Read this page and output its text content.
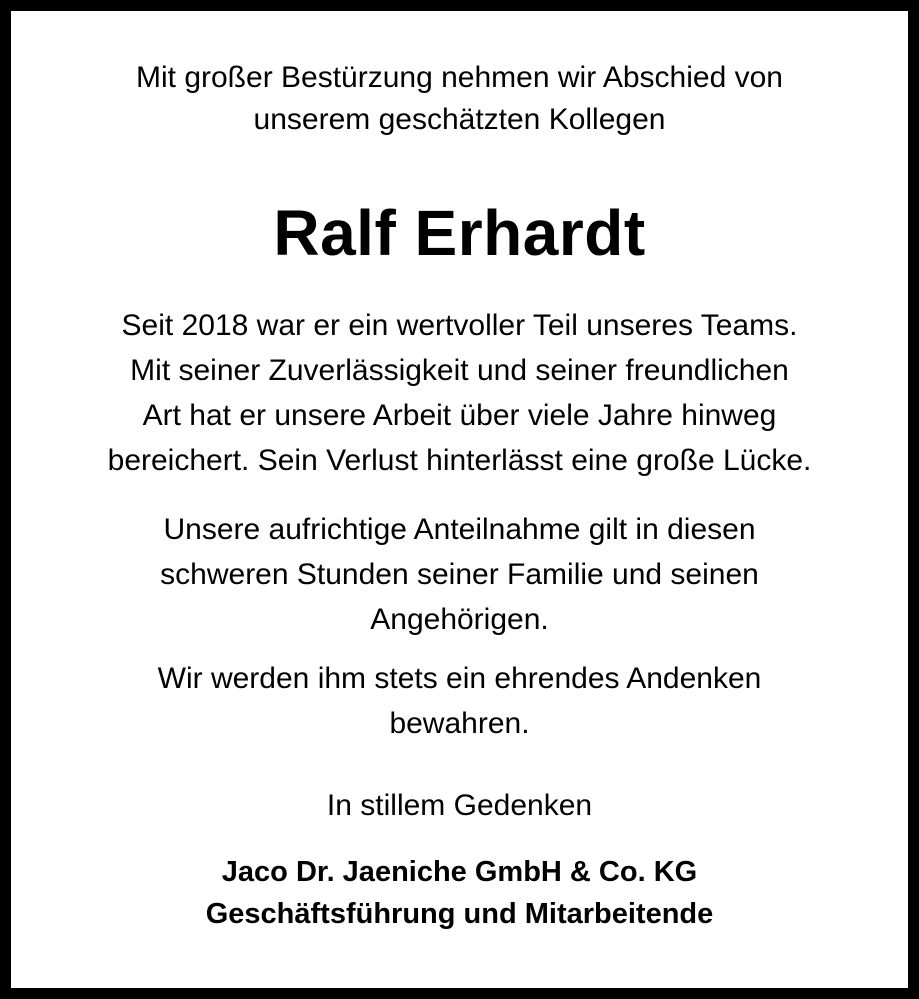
Mit großer Bestürzung nehmen wir Abschied von
unserem geschätzten Kollegen

Ralf Erhardt

Seit 2018 war er ein wertvoller Teil unseres Teams.
Mit seiner Zuverlässigkeit und seiner freundlichen
Art hat er unsere Arbeit über viele Jahre hinweg
bereichert. Sein Verlust hinterlässt eine große Lücke.

Unsere aufrichtige Anteilnahme gilt in diesen
schweren Stunden seiner Familie und seinen
Angehörigen.

Wir werden ihm stets ein ehrendes Andenken
bewahren.

In stillem Gedenken

Jaco Dr. Jaeniche GmbH & Co. KG
Geschäftsführung und Mitarbeitende
